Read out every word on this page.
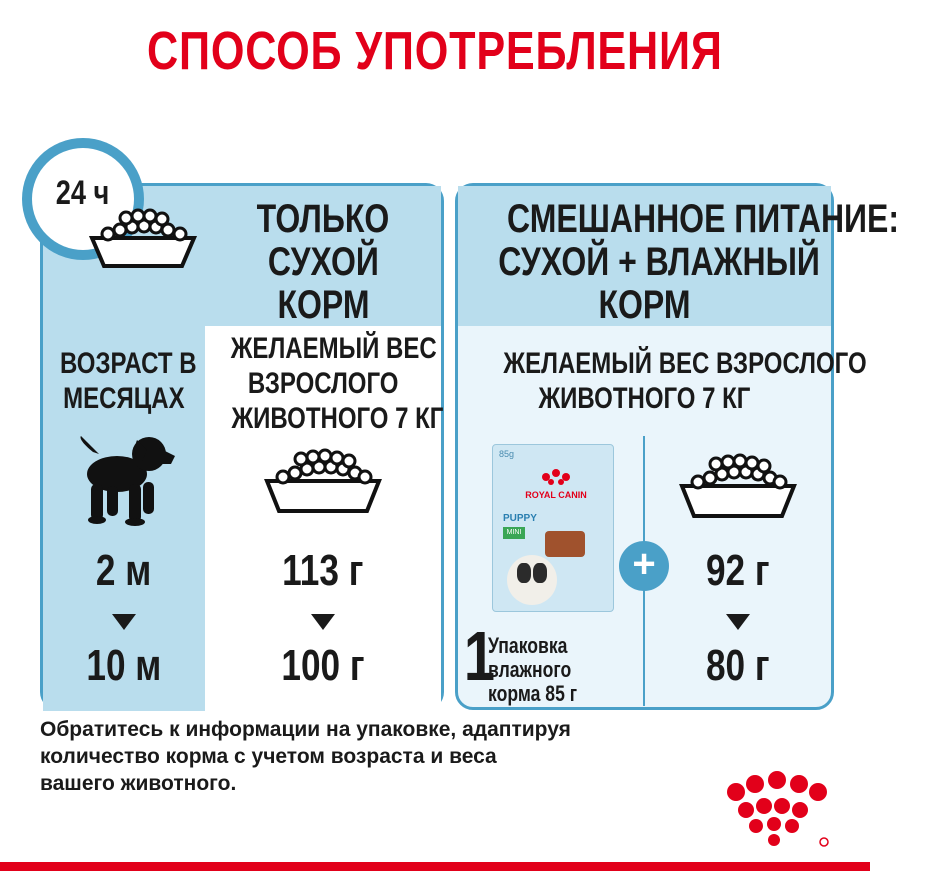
СПОСОБ УПОТРЕБЛЕНИЯ
ТОЛЬКО
СУХОЙ
КОРМ
ВОЗРАСТ В
МЕСЯЦАХ
ЖЕЛАЕМЫЙ ВЕС
ВЗРОСЛОГО
ЖИВОТНОГО 7 КГ
2 м
10 м
113 г
100 г
24 ч
СМЕШАННОЕ ПИТАНИЕ:
СУХОЙ + ВЛАЖНЫЙ
КОРМ
ЖЕЛАЕМЫЙ ВЕС ВЗРОСЛОГО
ЖИВОТНОГО 7 КГ
85g
ROYAL CANIN
PUPPY
MINI
+	92 г
80 г
1
Упаковка
влажного
корма 85 г
Обратитесь к информации на упаковке, адаптируя
количество корма с учетом возраста и веса
вашего животного.
